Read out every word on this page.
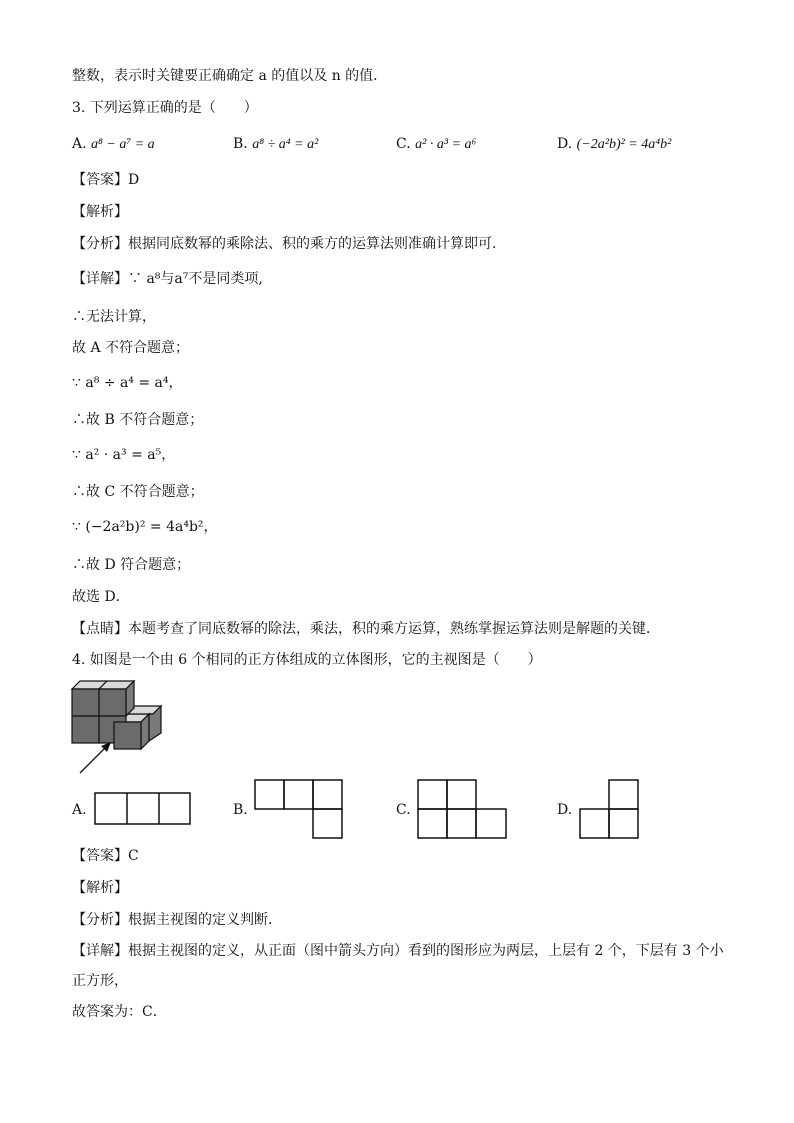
整数，表示时关键要正确确定 a 的值以及 n 的值．
3. 下列运算正确的是（　　）
A. a⁸ − a⁷ = a	B. a⁸ ÷ a⁴ = a²	C. a² · a³ = a⁶	D. (−2a²b)² = 4a⁴b²
【答案】D
【解析】
【分析】根据同底数幂的乘除法、积的乘方的运算法则准确计算即可．
【详解】∵ a⁸与a⁷不是同类项,
∴无法计算，
故 A 不符合题意；
∵ a⁸ ÷ a⁴ = a⁴，
∴故 B 不符合题意；
∵ a² · a³ = a⁵，
∴故 C 不符合题意；
∵ (−2a²b)² = 4a⁴b²，
∴故 D 符合题意；
故选 D．
【点睛】本题考查了同底数幂的除法，乘法，积的乘方运算，熟练掌握运算法则是解题的关键．
4. 如图是一个由 6 个相同的正方体组成的立体图形，它的主视图是（　　）
A.	B.	C.	D.
【答案】C
【解析】
【分析】根据主视图的定义判断．
【详解】根据主视图的定义，从正面（图中箭头方向）看到的图形应为两层，上层有 2 个，下层有 3 个小
正方形，
故答案为：C．
